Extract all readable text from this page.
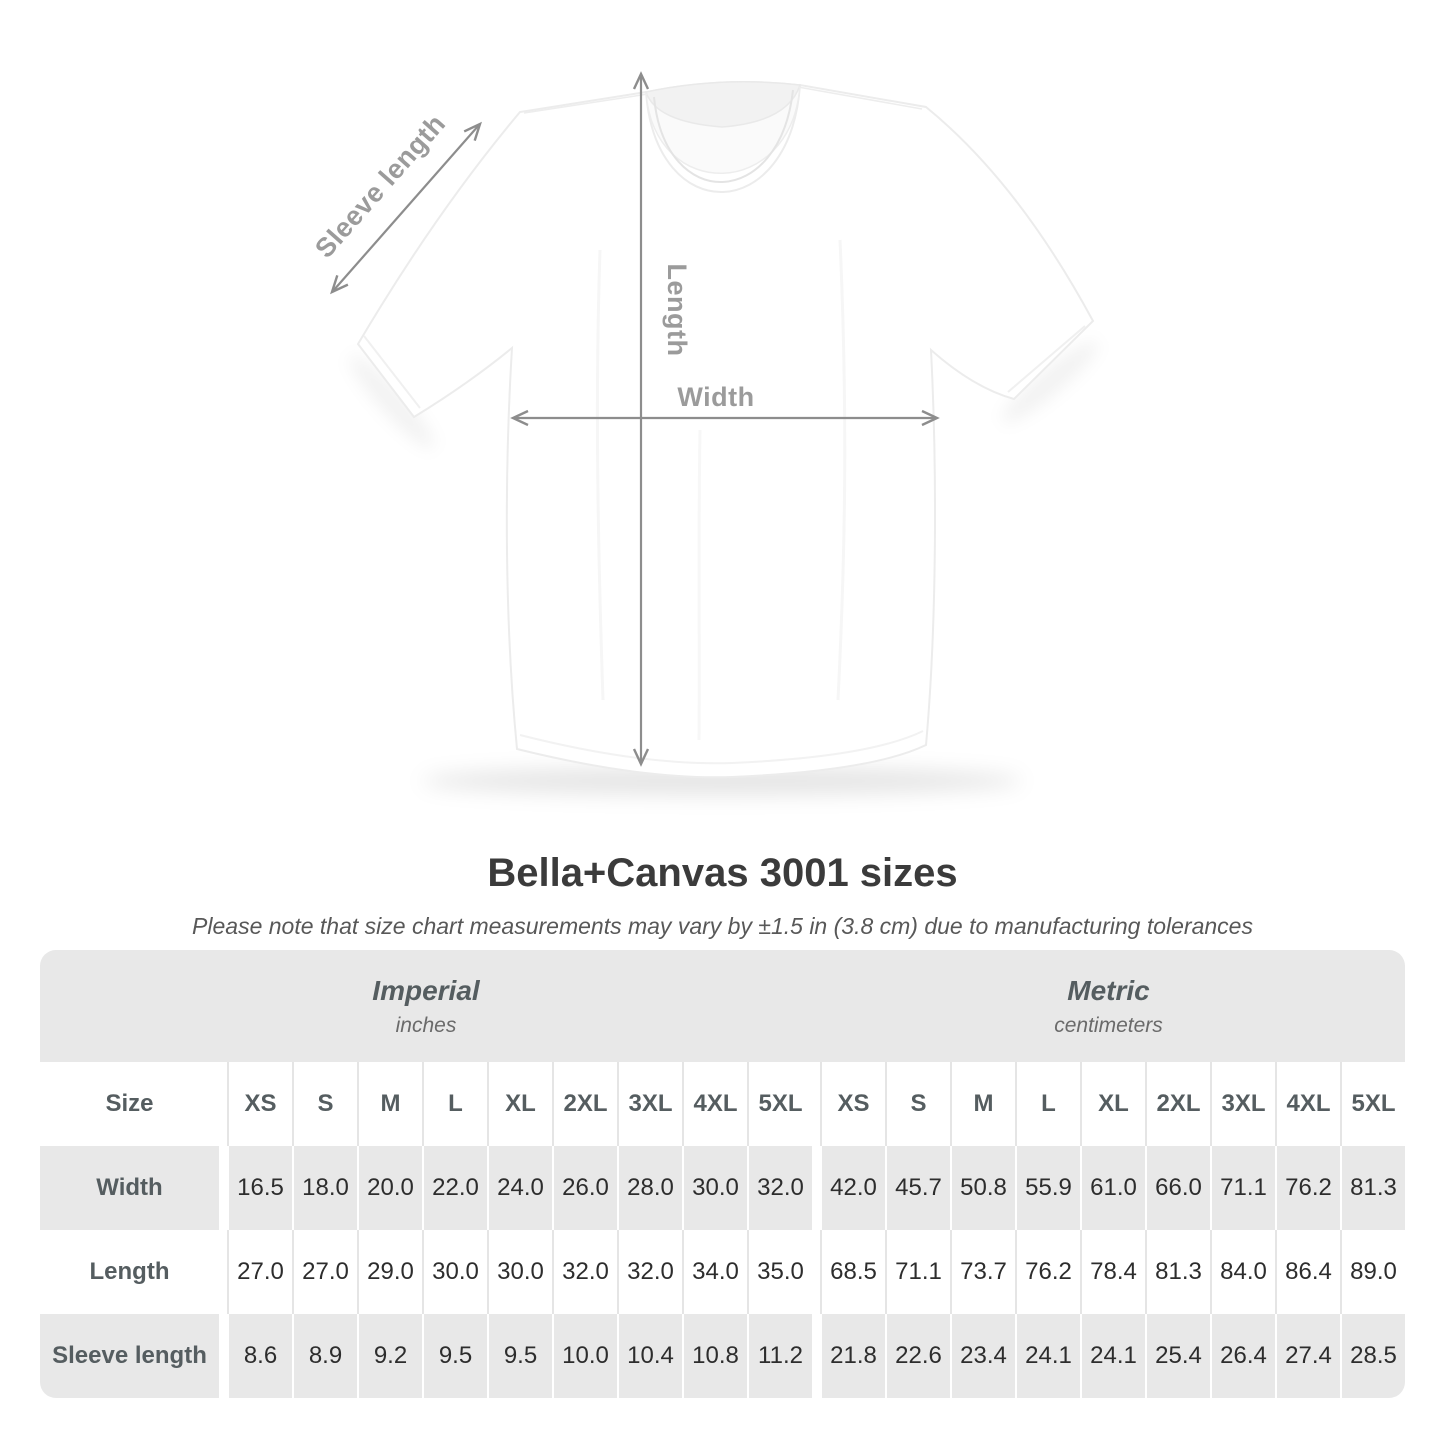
Length
Width
Sleeve length
Bella+Canvas 3001 sizes

Please note that size chart measurements may vary by ±1.5 in (3.8 cm) due to manufacturing tolerances

Imperial
inches
Metric
centimeters
Size	XS	S	M	L	XL	2XL 3XL 4XL 5XL	XS	S	M	L	XL	2XL 3XL 4XL 5XL
Width	16.5 18.0 20.0 22.0 24.0 26.0 28.0 30.0 32.0	42.0 45.7 50.8 55.9 61.0 66.0 71.1 76.2 81.3
Length	27.0 27.0 29.0 30.0 30.0 32.0 32.0 34.0 35.0	68.5 71.1 73.7 76.2 78.4 81.3 84.0 86.4 89.0
Sleeve length	8.6	8.9	9.2	9.5	9.5	10.0 10.4 10.8 11.2	21.8 22.6 23.4 24.1 24.1 25.4 26.4 27.4 28.5
